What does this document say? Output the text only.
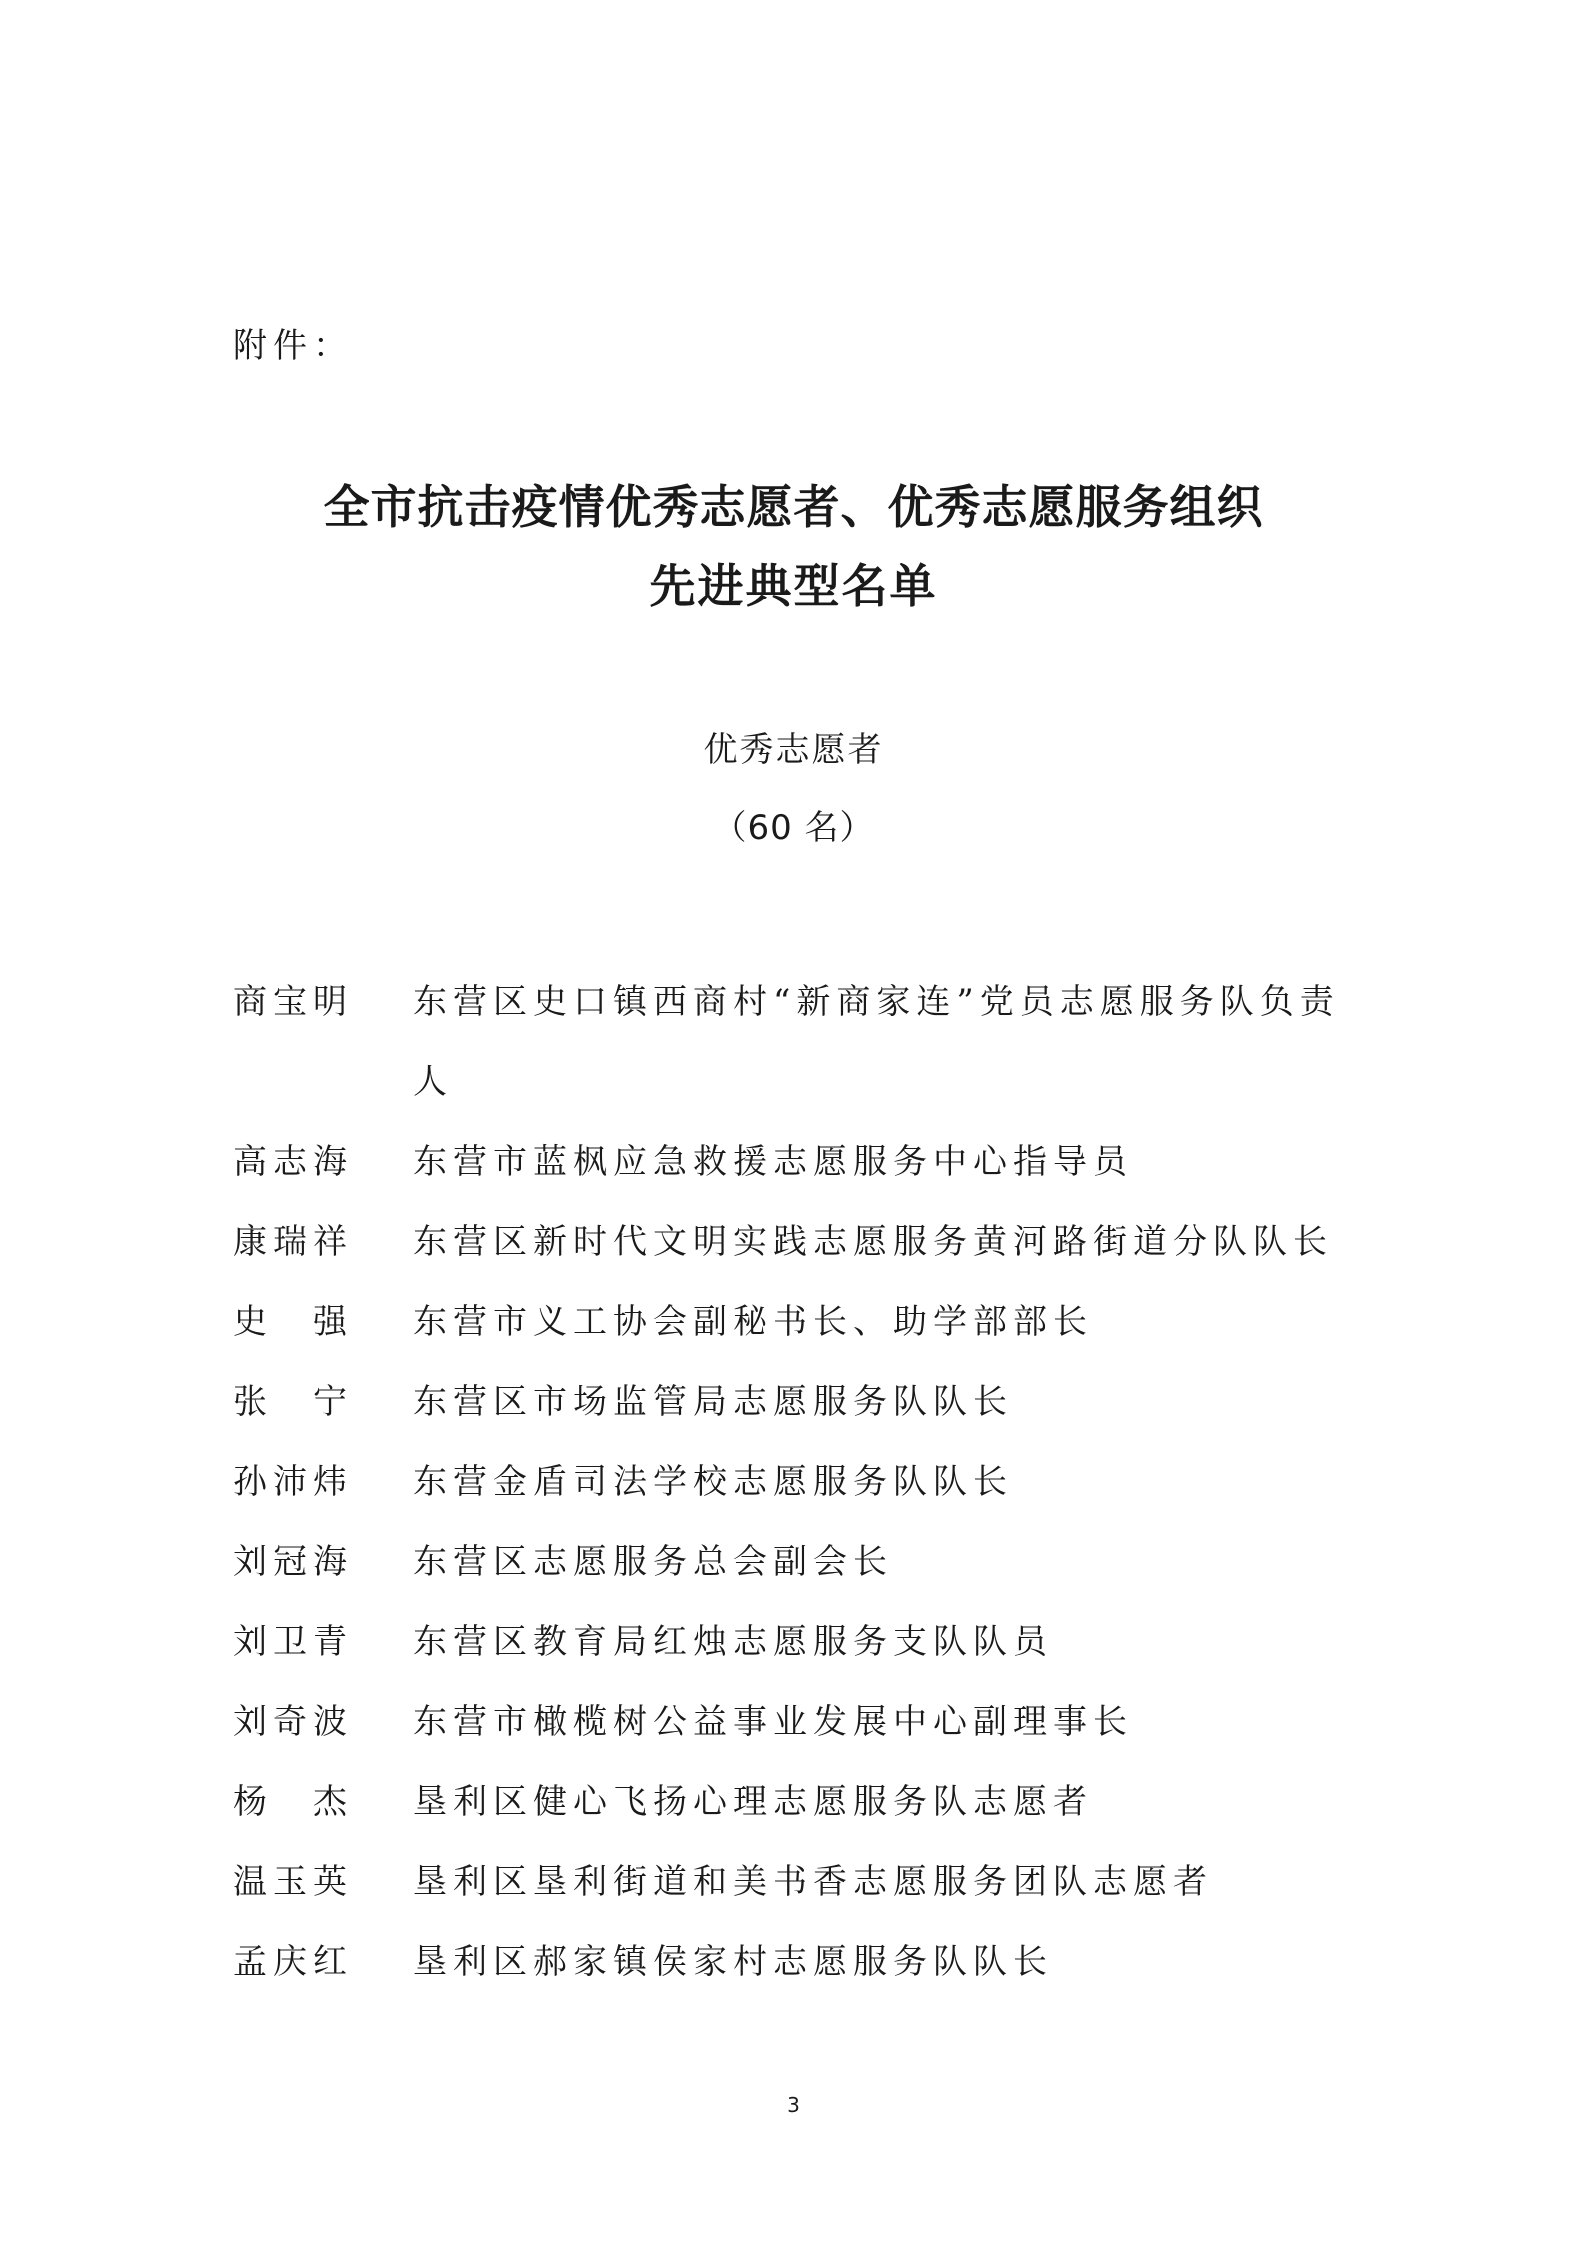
附件：
全市抗击疫情优秀志愿者、优秀志愿服务组织
先进典型名单
优秀志愿者
（60 名）
商宝明	东营区史口镇西商村“新商家连”党员志愿服务队负责
人
高志海	东营市蓝枫应急救援志愿服务中心指导员
康瑞祥	东营区新时代文明实践志愿服务黄河路街道分队队长
史　强	东营市义工协会副秘书长、助学部部长
张　宁	东营区市场监管局志愿服务队队长
孙沛炜	东营金盾司法学校志愿服务队队长
刘冠海	东营区志愿服务总会副会长
刘卫青	东营区教育局红烛志愿服务支队队员
刘奇波	东营市橄榄树公益事业发展中心副理事长
杨　杰	垦利区健心飞扬心理志愿服务队志愿者
温玉英	垦利区垦利街道和美书香志愿服务团队志愿者
孟庆红	垦利区郝家镇侯家村志愿服务队队长
3
